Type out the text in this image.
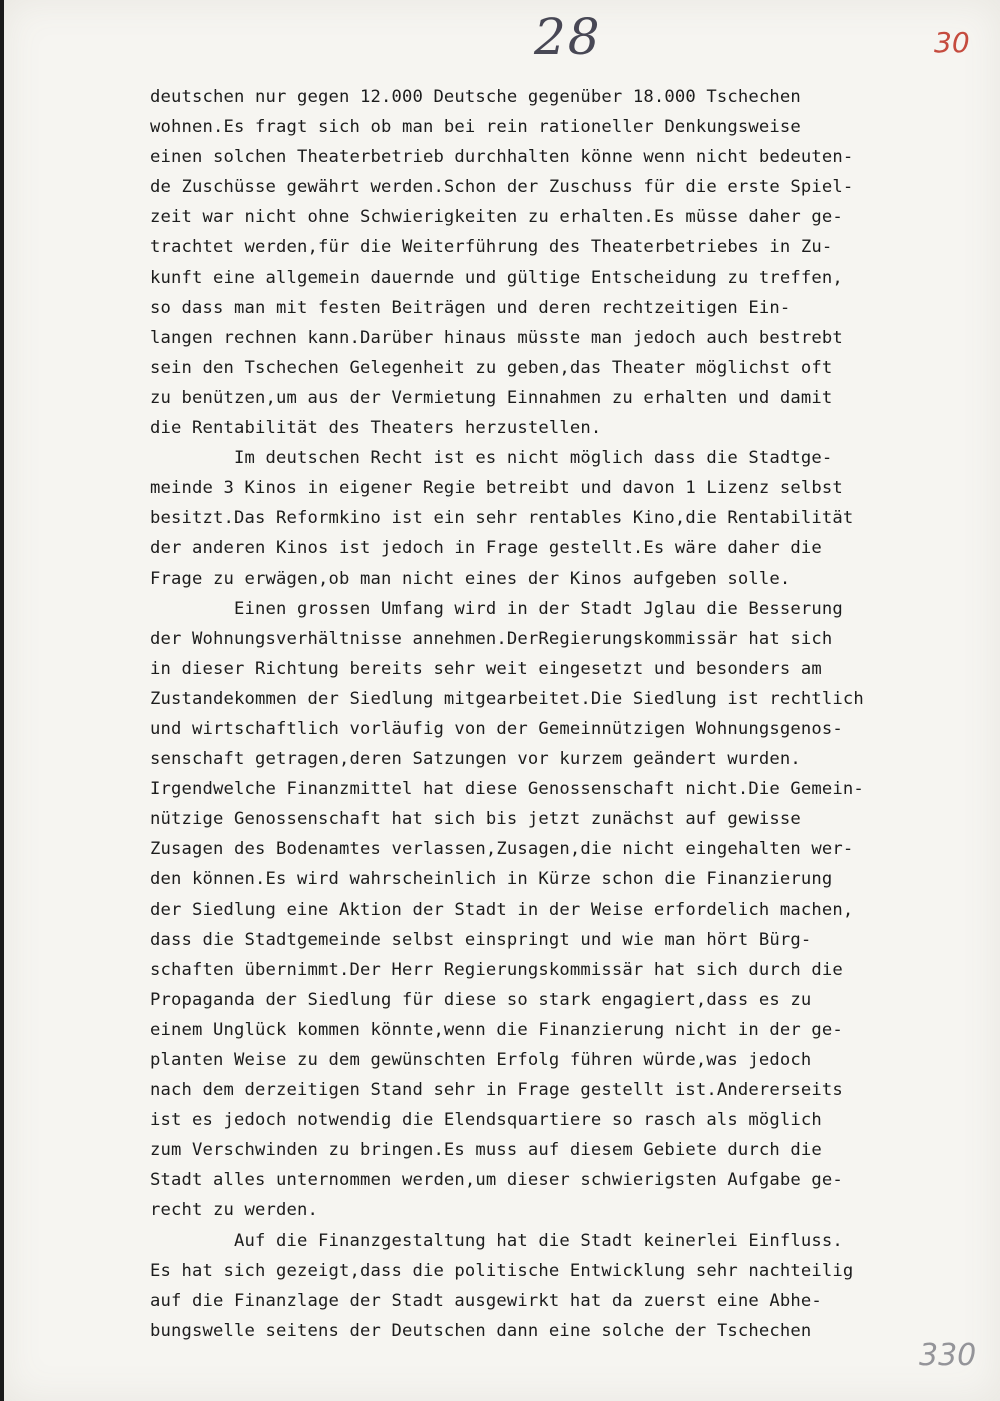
28	30
deutschen nur gegen 12.000 Deutsche gegenüber 18.000 Tschechen
wohnen.Es fragt sich ob man bei rein rationeller Denkungsweise
einen solchen Theaterbetrieb durchhalten könne wenn nicht bedeuten-
de Zuschüsse gewährt werden.Schon der Zuschuss für die erste Spiel-
zeit war nicht ohne Schwierigkeiten zu erhalten.Es müsse daher ge-
trachtet werden,für die Weiterführung des Theaterbetriebes in Zu-
kunft eine allgemein dauernde und gültige Entscheidung zu treffen,
so dass man mit festen Beiträgen und deren rechtzeitigen Ein-
langen rechnen kann.Darüber hinaus müsste man jedoch auch bestrebt
sein den Tschechen Gelegenheit zu geben,das Theater möglichst oft
zu benützen,um aus der Vermietung Einnahmen zu erhalten und damit
die Rentabilität des Theaters herzustellen.
Im deutschen Recht ist es nicht möglich dass die Stadtge-
meinde 3 Kinos in eigener Regie betreibt und davon 1 Lizenz selbst
besitzt.Das Reformkino ist ein sehr rentables Kino,die Rentabilität
der anderen Kinos ist jedoch in Frage gestellt.Es wäre daher die
Frage zu erwägen,ob man nicht eines der Kinos aufgeben solle.
Einen grossen Umfang wird in der Stadt Jglau die Besserung
der Wohnungsverhältnisse annehmen.DerRegierungskommissär hat sich
in dieser Richtung bereits sehr weit eingesetzt und besonders am
Zustandekommen der Siedlung mitgearbeitet.Die Siedlung ist rechtlich
und wirtschaftlich vorläufig von der Gemeinnützigen Wohnungsgenos-
senschaft getragen,deren Satzungen vor kurzem geändert wurden.
Irgendwelche Finanzmittel hat diese Genossenschaft nicht.Die Gemein-
nützige Genossenschaft hat sich bis jetzt zunächst auf gewisse
Zusagen des Bodenamtes verlassen,Zusagen,die nicht eingehalten wer-
den können.Es wird wahrscheinlich in Kürze schon die Finanzierung
der Siedlung eine Aktion der Stadt in der Weise erfordelich machen,
dass die Stadtgemeinde selbst einspringt und wie man hört Bürg-
schaften übernimmt.Der Herr Regierungskommissär hat sich durch die
Propaganda der Siedlung für diese so stark engagiert,dass es zu
einem Unglück kommen könnte,wenn die Finanzierung nicht in der ge-
planten Weise zu dem gewünschten Erfolg führen würde,was jedoch
nach dem derzeitigen Stand sehr in Frage gestellt ist.Andererseits
ist es jedoch notwendig die Elendsquartiere so rasch als möglich
zum Verschwinden zu bringen.Es muss auf diesem Gebiete durch die
Stadt alles unternommen werden,um dieser schwierigsten Aufgabe ge-
recht zu werden.
Auf die Finanzgestaltung hat die Stadt keinerlei Einfluss.
Es hat sich gezeigt,dass die politische Entwicklung sehr nachteilig
auf die Finanzlage der Stadt ausgewirkt hat da zuerst eine Abhe-
bungswelle seitens der Deutschen dann eine solche der Tschechen
330
